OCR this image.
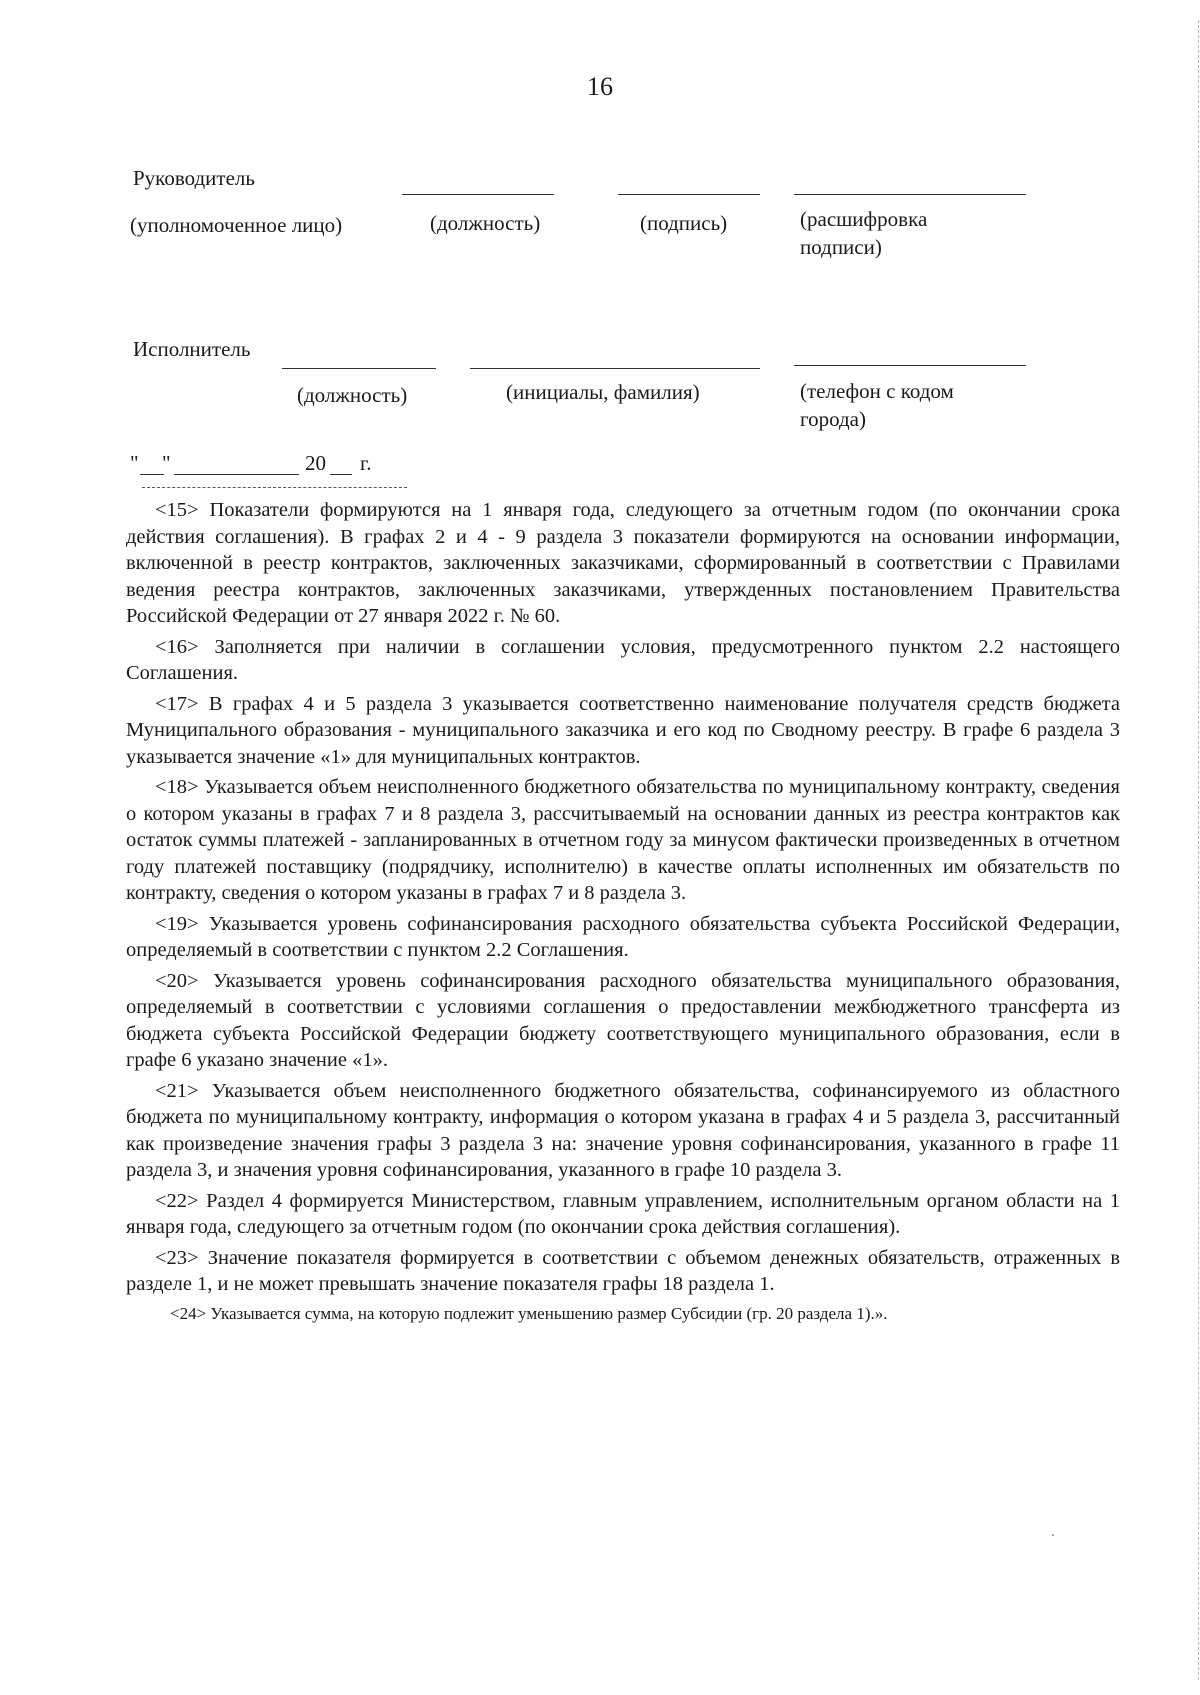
16
Руководитель
(уполномоченное лицо)	(должность)	(подпись)	(расшифровка подписи)
Исполнитель
(должность)	(инициалы, фамилия)	(телефон с кодом города)
" "	20 г.

<15> Показатели формируются на 1 января года, следующего за отчетным годом (по окончании срока действия соглашения). В графах 2 и 4 - 9 раздела 3 показатели формируются на основании информации, включенной в реестр контрактов, заключенных заказчиками, сформированный в соответствии с Правилами ведения реестра контрактов, заключенных заказчиками, утвержденных постановлением Правительства Российской Федерации от 27 января 2022 г. № 60.

<16> Заполняется при наличии в соглашении условия, предусмотренного пунктом 2.2 настоящего Соглашения.

<17> В графах 4 и 5 раздела 3 указывается соответственно наименование получателя средств бюджета Муниципального образования - муниципального заказчика и его код по Сводному реестру. В графе 6 раздела 3 указывается значение «1» для муниципальных контрактов.

<18> Указывается объем неисполненного бюджетного обязательства по муниципальному контракту, сведения о котором указаны в графах 7 и 8 раздела 3, рассчитываемый на основании данных из реестра контрактов как остаток суммы платежей - запланированных в отчетном году за минусом фактически произведенных в отчетном году платежей поставщику (подрядчику, исполнителю) в качестве оплаты исполненных им обязательств по контракту, сведения о котором указаны в графах 7 и 8 раздела 3.

<19> Указывается уровень софинансирования расходного обязательства субъекта Российской Федерации, определяемый в соответствии с пунктом 2.2 Соглашения.

<20> Указывается уровень софинансирования расходного обязательства муниципального образования, определяемый в соответствии с условиями соглашения о предоставлении межбюджетного трансферта из бюджета субъекта Российской Федерации бюджету соответствующего муниципального образования, если в графе 6 указано значение «1».

<21> Указывается объем неисполненного бюджетного обязательства, софинансируемого из областного бюджета по муниципальному контракту, информация о котором указана в графах 4 и 5 раздела 3, рассчитанный как произведение значения графы 3 раздела 3 на: значение уровня софинансирования, указанного в графе 11 раздела 3, и значения уровня софинансирования, указанного в графе 10 раздела 3.

<22> Раздел 4 формируется Министерством, главным управлением, исполнительным органом области на 1 января года, следующего за отчетным годом (по окончании срока действия соглашения).

<23> Значение показателя формируется в соответствии с объемом денежных обязательств, отраженных в разделе 1, и не может превышать значение показателя графы 18 раздела 1.

<24> Указывается сумма, на которую подлежит уменьшению размер Субсидии (гр. 20 раздела 1).».
